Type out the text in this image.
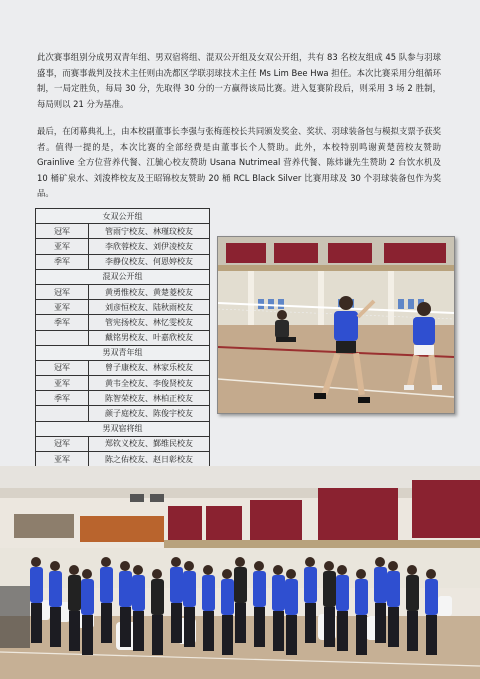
此次赛事组别分成男双青年组、男双宿将组、混双公开组及女双公开组，共有 83 名校友组成 45 队参与羽球盛事，而赛事裁判及技术主任则由冼都区学联羽球技术主任 Ms Lim Bee Hwa 担任。本次比赛采用分组循环制，一局定胜负，每局 30 分，先取得 30 分的一方赢得该局比赛。进入复赛阶段后，则采用 3 场 2 胜制，每局则以 21 分为基准。

最后，在闭幕典礼上，由本校副董事长李强与张梅莲校长共同颁发奖金、奖状、羽球装备包与模拟支票予获奖者。值得一提的是，本次比赛的全部经费是由董事长个人赞助。此外，本校特别鸣谢黄楚茵校友赞助 Grainlive 全方位营养代餐、江毓心校友赞助 Usana Nutrimeal 营养代餐、陈炜谦先生赞助 2 台饮水机及 10 桶矿泉水、刘浚桦校友及王昭锦校友赞助 20 桶 RCL Black Silver 比赛用球及 30 个羽球装备包作为奖品。

女双公开组	
冠军	管雨宁校友、林瑾玟校友
亚军	李欣蓉校友、刘伊凌校友
季军	李静仪校友、何恩婷校友
混双公开组	
冠军	黄勇惟校友、黄楚菱校友
亚军	刘彦恒校友、陆秋雨校友
季军	管宪扬校友、林忆雯校友
	戴铭男校友、叶嘉欣校友
男双青年组	
冠军	曾子康校友、林家乐校友
亚军	黄韦全校友、李俊贤校友
季军	陈智荣校友、林柏正校友
	颜子庭校友、陈俊宇校友
男双宿将组	
冠军	郑钦义校友、鄞维民校友
亚军	陈之佑校友、赵日彰校友
